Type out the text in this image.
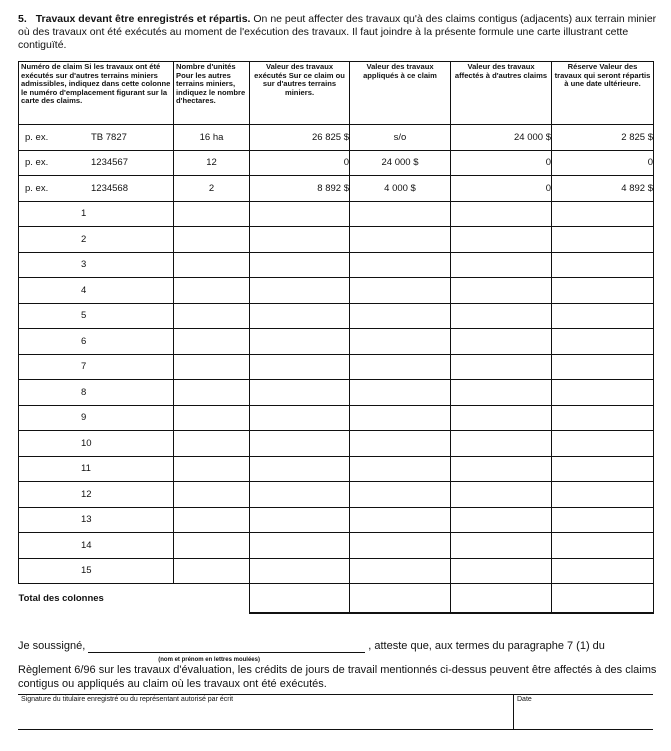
5. Travaux devant être enregistrés et répartis. On ne peut affecter des travaux qu'à des claims contigus (adjacents) aux terrain minier où des travaux ont été exécutés au moment de l'exécution des travaux. Il faut joindre à la présente formule une carte illustrant cette contiguïté.
Numéro de claim Si les travaux ont été exécutés sur d'autres terrains miniers admissibles, indiquez dans cette colonne le numéro d'emplacement figurant sur la carte des claims.	Nombre d'unités Pour les autres terrains miniers, indiquez le nombre d'hectares.	Valeur des travaux exécutés Sur ce claim ou sur d'autres terrains miniers.	Valeur des travaux appliqués à ce claim	Valeur des travaux affectés à d'autres claims	Réserve Valeur des travaux qui seront répartis à une date ultérieure.
p. ex. TB 7827	16 ha	26 825 $	s/o	24 000 $	2 825 $
p. ex. 1234567	12	0	24 000 $	0	0
p. ex. 1234568	2	8 892 $	4 000 $	0	4 892 $
1					
2					
3					
4					
5					
6					
7					
8					
9					
10					
11					
12					
13					
14					
15					
Total des colonnes					
Je soussigné,
(nom et prénom en lettres moulées)
, atteste que, aux termes du paragraphe 7 (1) du
Règlement 6/96 sur les travaux d'évaluation, les crédits de jours de travail mentionnés ci-dessus peuvent être affectés à des claims contigus ou appliqués au claim où les travaux ont été exécutés.
Signature du titulaire enregistré ou du représentant autorisé par écrit	Date
